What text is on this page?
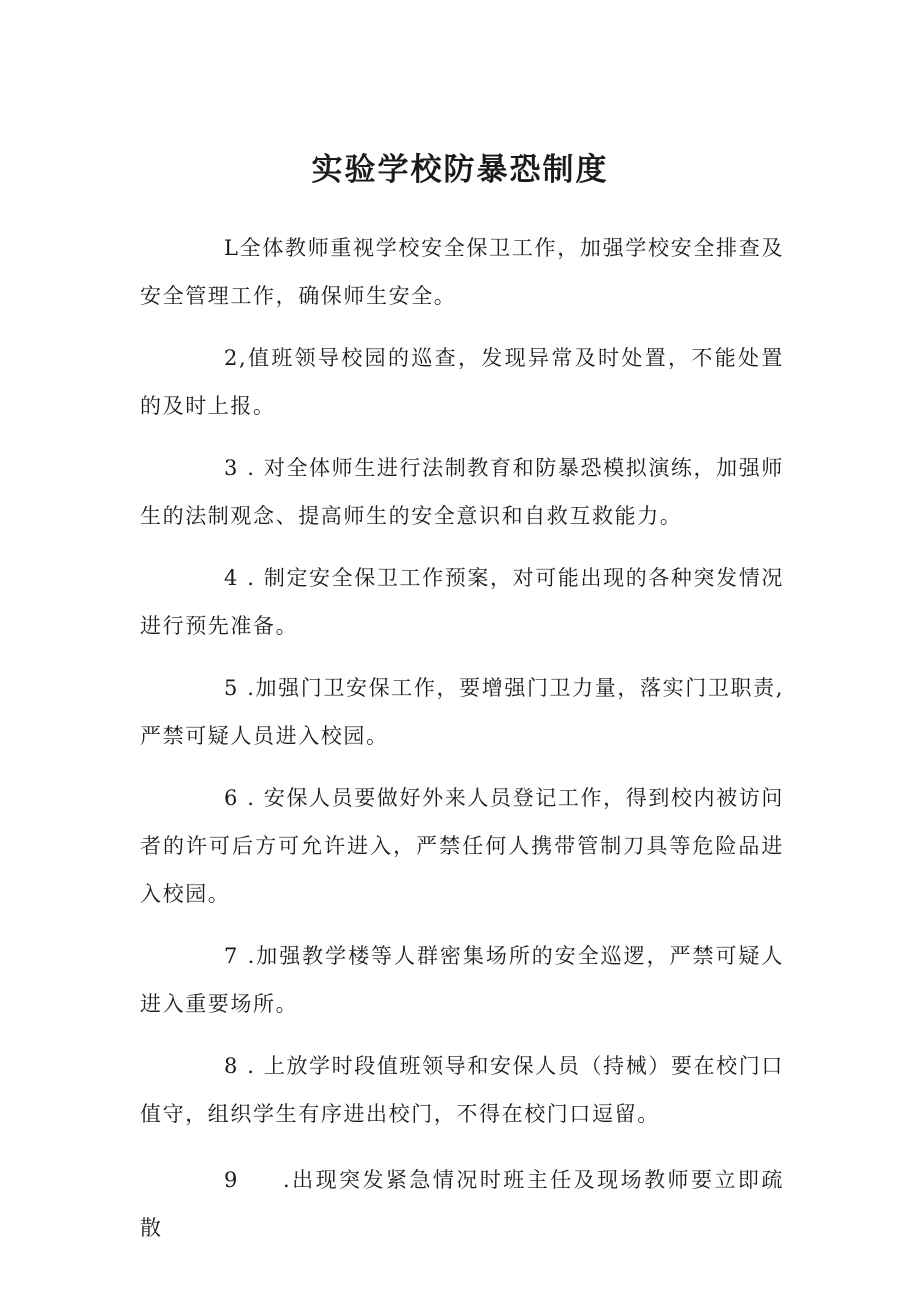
实验学校防暴恐制度

L全体教师重视学校安全保卫工作，加强学校安全排查及安全管理工作，确保师生安全。

2,值班领导校园的巡查，发现异常及时处置，不能处置的及时上报。

3 . 对全体师生进行法制教育和防暴恐模拟演练，加强师生的法制观念、提高师生的安全意识和自救互救能力。

4 . 制定安全保卫工作预案，对可能出现的各种突发情况进行预先准备。

5 .加强门卫安保工作，要增强门卫力量，落实门卫职责,严禁可疑人员进入校园。

6 . 安保人员要做好外来人员登记工作，得到校内被访问者的许可后方可允许进入，严禁任何人携带管制刀具等危险品进入校园。

7 .加强教学楼等人群密集场所的安全巡逻，严禁可疑人进入重要场所。

8 . 上放学时段值班领导和安保人员（持械）要在校门口值守，组织学生有序进出校门，不得在校门口逗留。

9 .出现突发紧急情况时班主任及现场教师要立即疏散
